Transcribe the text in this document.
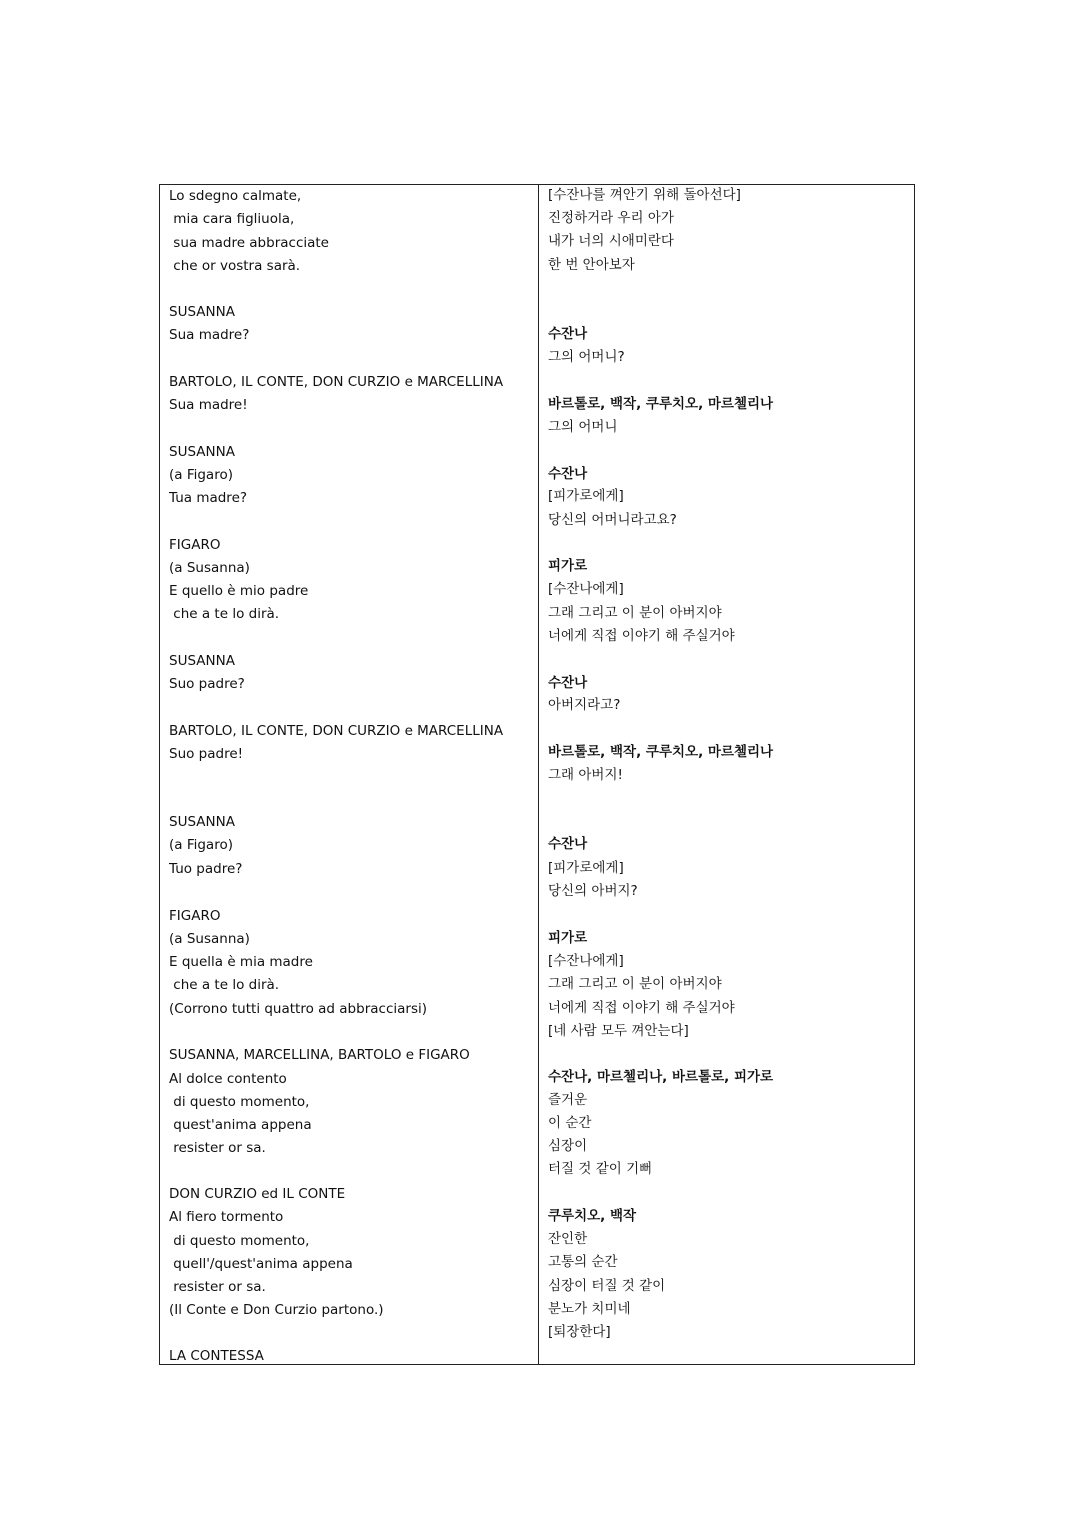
Lo sdegno calmate,
mia cara figliuola,
sua madre abbracciate
che or vostra sarà.
SUSANNA
Sua madre?
BARTOLO, IL CONTE, DON CURZIO e MARCELLINA
Sua madre!
SUSANNA
(a Figaro)
Tua madre?
FIGARO
(a Susanna)
E quello è mio padre
che a te lo dirà.
SUSANNA
Suo padre?
BARTOLO, IL CONTE, DON CURZIO e MARCELLINA
Suo padre!
SUSANNA
(a Figaro)
Tuo padre?
FIGARO
(a Susanna)
E quella è mia madre
che a te lo dirà.
(Corrono tutti quattro ad abbracciarsi)
SUSANNA, MARCELLINA, BARTOLO e FIGARO
Al dolce contento
di questo momento,
quest'anima appena
resister or sa.
DON CURZIO ed IL CONTE
Al fiero tormento
di questo momento,
quell'/quest'anima appena
resister or sa.
(Il Conte e Don Curzio partono.)
LA CONTESSA
[수잔나를 껴안기 위해 돌아선다]
진정하거라 우리 아가
내가 너의 시애미란다
한 번 안아보자
수잔나
그의 어머니?
바르톨로, 백작, 쿠루치오, 마르첼리나
그의 어머니
수잔나
[피가로에게]
당신의 어머니라고요?
피가로
[수잔나에게]
그래 그리고 이 분이 아버지야
너에게 직접 이야기 해 주실거야
수잔나
아버지라고?
바르톨로, 백작, 쿠루치오, 마르첼리나
그래 아버지!
수잔나
[피가로에게]
당신의 아버지?
피가로
[수잔나에게]
그래 그리고 이 분이 아버지야
너에게 직접 이야기 해 주실거야
[네 사람 모두 껴안는다]
수잔나, 마르첼리나, 바르톨로, 피가로
즐거운
이 순간
심장이
터질 것 같이 기뻐
쿠루치오, 백작
잔인한
고통의 순간
심장이 터질 것 같이
분노가 치미네
[퇴장한다]
